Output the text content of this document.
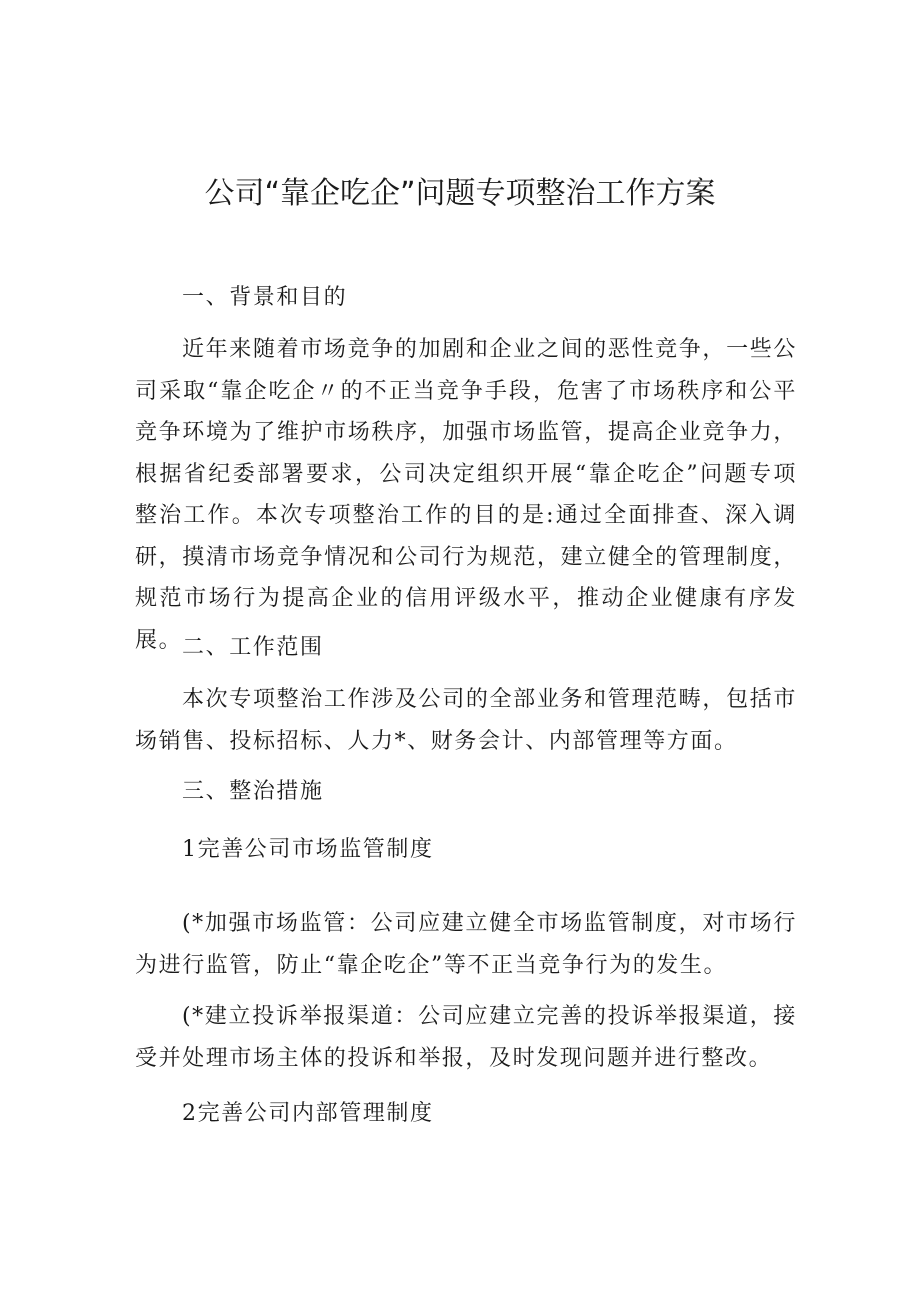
公司“靠企吃企”问题专项整治工作方案

一、背景和目的

近年来随着市场竞争的加剧和企业之间的恶性竞争，一些公司采取“靠企吃企〃的不正当竞争手段，危害了市场秩序和公平竞争环境为了维护市场秩序，加强市场监管，提高企业竞争力，根据省纪委部署要求，公司决定组织开展“靠企吃企”问题专项整治工作。本次专项整治工作的目的是:通过全面排查、深入调研，摸清市场竞争情况和公司行为规范，建立健全的管理制度，规范市场行为提高企业的信用评级水平，推动企业健康有序发展。 二、工作范围

本次专项整治工作涉及公司的全部业务和管理范畴，包括市场销售、投标招标、人力*、财务会计、内部管理等方面。

三、整治措施

1完善公司市场监管制度

(*加强市场监管：公司应建立健全市场监管制度，对市场行为进行监管，防止“靠企吃企”等不正当竞争行为的发生。

(*建立投诉举报渠道：公司应建立完善的投诉举报渠道，接受并处理市场主体的投诉和举报，及时发现问题并进行整改。

2完善公司内部管理制度
